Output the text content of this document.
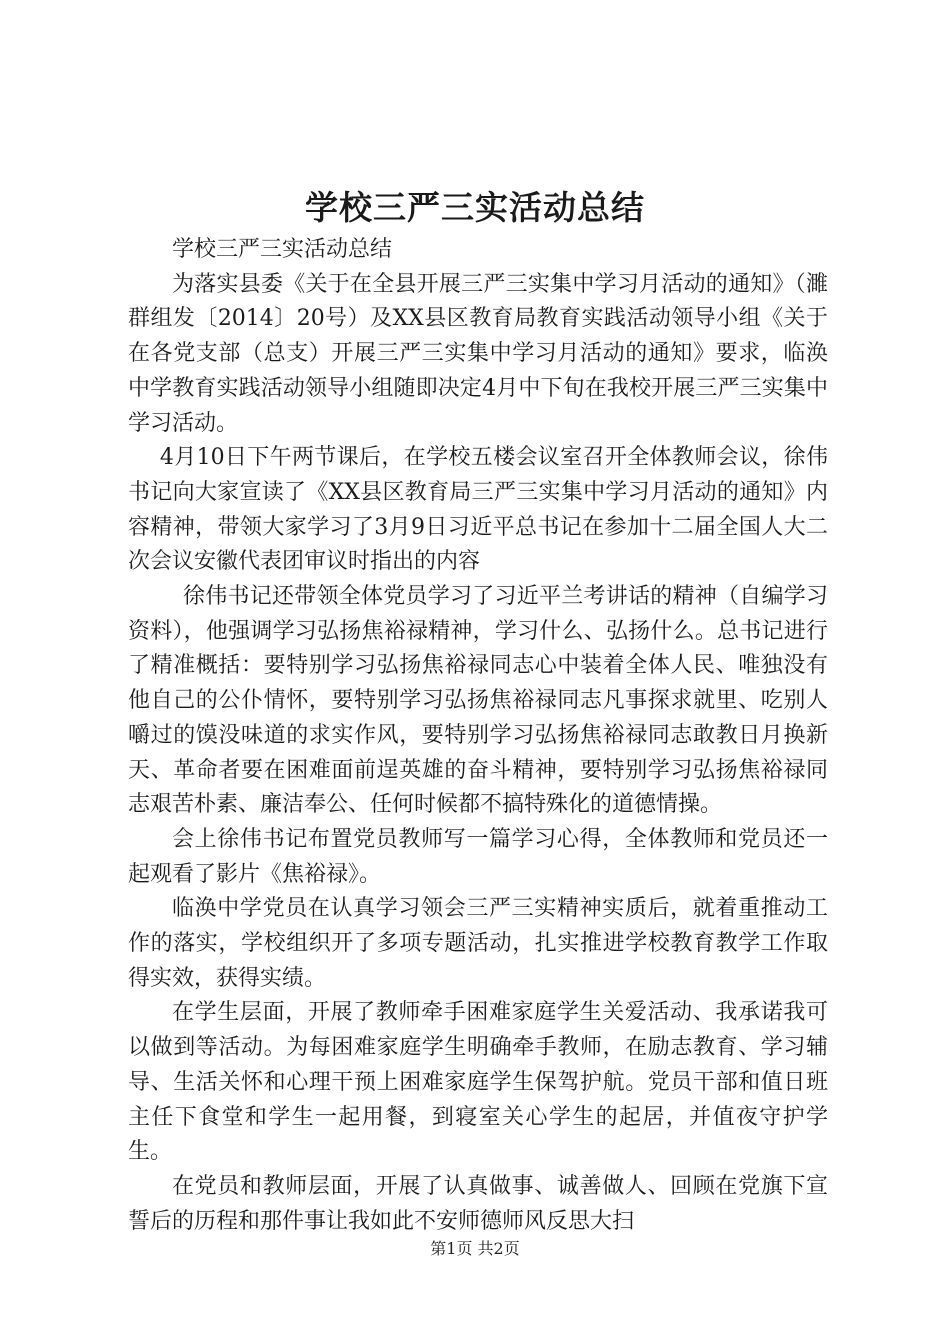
学校三严三实活动总结

学校三严三实活动总结

为落实县委《关于在全县开展三严三实集中学习月活动的通知》（濉群组发〔2014〕20号）及XX县区教育局教育实践活动领导小组《关于在各党支部（总支）开展三严三实集中学习月活动的通知》要求，临涣中学教育实践活动领导小组随即决定4月中下旬在我校开展三严三实集中学习活动。

4月10日下午两节课后，在学校五楼会议室召开全体教师会议，徐伟书记向大家宣读了《XX县区教育局三严三实集中学习月活动的通知》内容精神，带领大家学习了3月9日习近平总书记在参加十二届全国人大二次会议安徽代表团审议时指出的内容

徐伟书记还带领全体党员学习了习近平兰考讲话的精神（自编学习资料），他强调学习弘扬焦裕禄精神，学习什么、弘扬什么。总书记进行了精准概括：要特别学习弘扬焦裕禄同志心中装着全体人民、唯独没有他自己的公仆情怀，要特别学习弘扬焦裕禄同志凡事探求就里、吃别人嚼过的馍没味道的求实作风，要特别学习弘扬焦裕禄同志敢教日月换新天、革命者要在困难面前逞英雄的奋斗精神，要特别学习弘扬焦裕禄同志艰苦朴素、廉洁奉公、任何时候都不搞特殊化的道德情操。

会上徐伟书记布置党员教师写一篇学习心得，全体教师和党员还一起观看了影片《焦裕禄》。

临涣中学党员在认真学习领会三严三实精神实质后，就着重推动工作的落实，学校组织开了多项专题活动，扎实推进学校教育教学工作取得实效，获得实绩。

在学生层面，开展了教师牵手困难家庭学生关爱活动、我承诺我可以做到等活动。为每困难家庭学生明确牵手教师，在励志教育、学习辅导、生活关怀和心理干预上困难家庭学生保驾护航。党员干部和值日班主任下食堂和学生一起用餐，到寝室关心学生的起居，并值夜守护学生。

在党员和教师层面，开展了认真做事、诚善做人、回顾在党旗下宣誓后的历程和那件事让我如此不安师德师风反思大扫

第1页 共2页
